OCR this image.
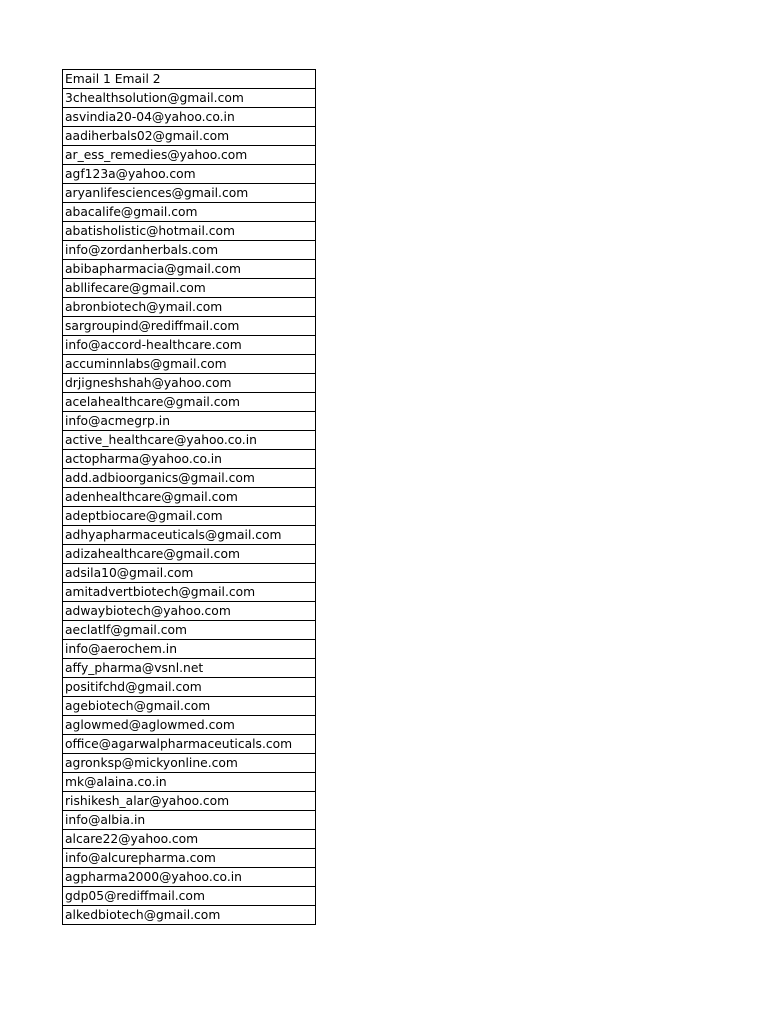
Email 1 Email 2
3chealthsolution@gmail.com
asvindia20-04@yahoo.co.in
aadiherbals02@gmail.com
ar_ess_remedies@yahoo.com
agf123a@yahoo.com
aryanlifesciences@gmail.com
abacalife@gmail.com
abatisholistic@hotmail.com
info@zordanherbals.com
abibapharmacia@gmail.com
abllifecare@gmail.com
abronbiotech@ymail.com
sargroupind@rediffmail.com
info@accord-healthcare.com
accuminnlabs@gmail.com
drjigneshshah@yahoo.com
acelahealthcare@gmail.com
info@acmegrp.in
active_healthcare@yahoo.co.in
actopharma@yahoo.co.in
add.adbioorganics@gmail.com
adenhealthcare@gmail.com
adeptbiocare@gmail.com
adhyapharmaceuticals@gmail.com
adizahealthcare@gmail.com
adsila10@gmail.com
amitadvertbiotech@gmail.com
adwaybiotech@yahoo.com
aeclatlf@gmail.com
info@aerochem.in
affy_pharma@vsnl.net
positifchd@gmail.com
agebiotech@gmail.com
aglowmed@aglowmed.com
office@agarwalpharmaceuticals.com
agronksp@mickyonline.com
mk@alaina.co.in
rishikesh_alar@yahoo.com
info@albia.in
alcare22@yahoo.com
info@alcurepharma.com
agpharma2000@yahoo.co.in
gdp05@rediffmail.com
alkedbiotech@gmail.com
